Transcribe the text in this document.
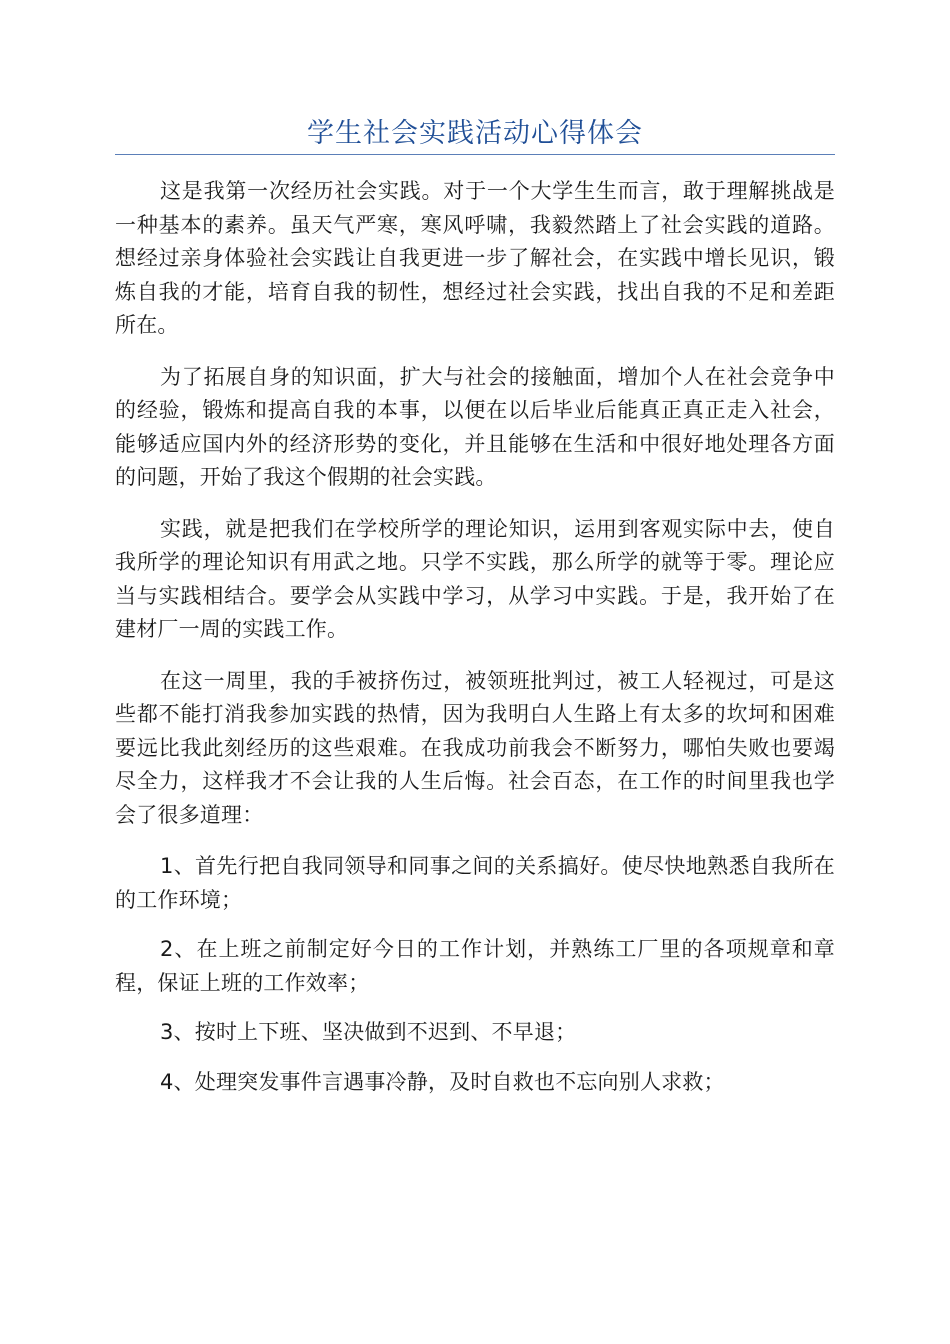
学生社会实践活动心得体会

这是我第一次经历社会实践。对于一个大学生生而言，敢于理解挑战是一种基本的素养。虽天气严寒，寒风呼啸，我毅然踏上了社会实践的道路。想经过亲身体验社会实践让自我更进一步了解社会，在实践中增长见识，锻炼自我的才能，培育自我的韧性，想经过社会实践，找出自我的不足和差距所在。

为了拓展自身的知识面，扩大与社会的接触面，增加个人在社会竞争中的经验，锻炼和提高自我的本事，以便在以后毕业后能真正真正走入社会，能够适应国内外的经济形势的变化，并且能够在生活和中很好地处理各方面的问题，开始了我这个假期的社会实践。

实践，就是把我们在学校所学的理论知识，运用到客观实际中去，使自我所学的理论知识有用武之地。只学不实践，那么所学的就等于零。理论应当与实践相结合。要学会从实践中学习，从学习中实践。于是，我开始了在建材厂一周的实践工作。

在这一周里，我的手被挤伤过，被领班批判过，被工人轻视过，可是这些都不能打消我参加实践的热情，因为我明白人生路上有太多的坎坷和困难要远比我此刻经历的这些艰难。在我成功前我会不断努力，哪怕失败也要竭尽全力，这样我才不会让我的人生后悔。社会百态，在工作的时间里我也学会了很多道理：

1、首先行把自我同领导和同事之间的关系搞好。使尽快地熟悉自我所在的工作环境；

2、在上班之前制定好今日的工作计划，并熟练工厂里的各项规章和章程，保证上班的工作效率；

3、按时上下班、坚决做到不迟到、不早退；

4、处理突发事件言遇事冷静，及时自救也不忘向别人求救；
